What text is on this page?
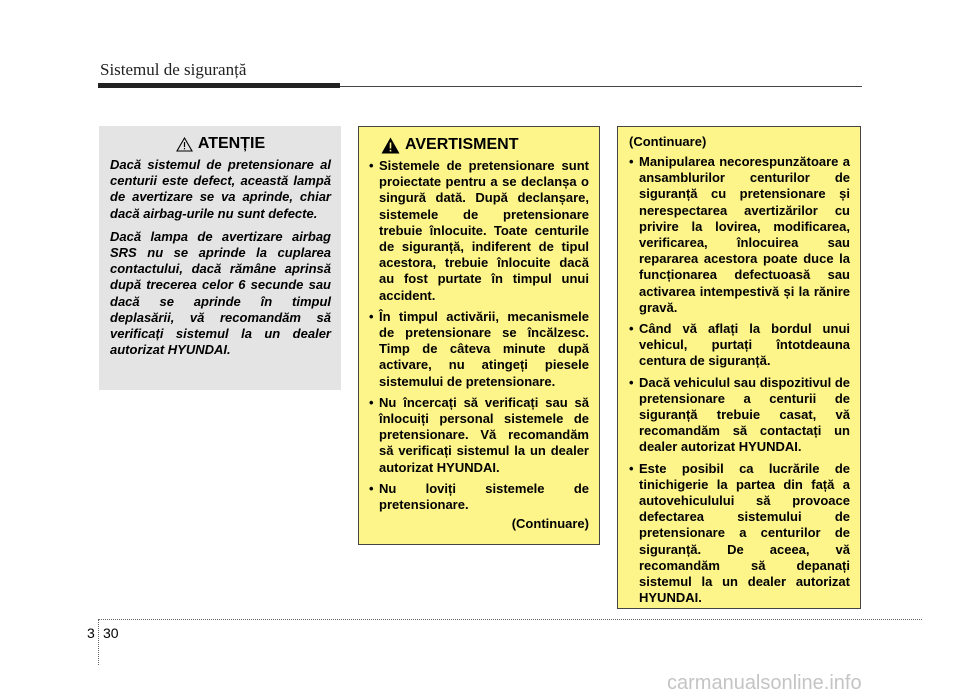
Sistemul de siguranță
ATENȚIE

Dacă sistemul de pretensionare al centurii este defect, această lampă de avertizare se va aprinde, chiar dacă airbag-urile nu sunt defecte.

Dacă lampa de avertizare airbag SRS nu se aprinde la cuplarea contactului, dacă rămâne aprinsă după trecerea celor 6 secunde sau dacă se aprinde în timpul deplasării, vă recomandăm să verificați sistemul la un dealer autorizat HYUNDAI.

AVERTISMENT
• Sistemele de pretensionare sunt proiectate pentru a se declanșa o singură dată. După declanșare, sistemele de pretensionare trebuie înlocuite. Toate centurile de siguranță, indiferent de tipul acestora, trebuie înlocuite dacă au fost purtate în timpul unui accident.
• În timpul activării, mecanismele de pretensionare se încălzesc. Timp de câteva minute după activare, nu atingeți piesele sistemului de pretensionare.
• Nu încercați să verificați sau să înlocuiți personal sistemele de pretensionare. Vă recomandăm să verificați sistemul la un dealer autorizat HYUNDAI.
• Nu loviți sistemele de pretensionare.
(Continuare)
(Continuare)
• Manipularea necorespunzătoare a ansamblurilor centurilor de siguranță cu pretensionare și nerespectarea avertizărilor cu privire la lovirea, modificarea, verificarea, înlocuirea sau repararea acestora poate duce la funcționarea defectuoasă sau activarea intempestivă și la rănire gravă.
• Când vă aflați la bordul unui vehicul, purtați întotdeauna centura de siguranță.
• Dacă vehiculul sau dispozitivul de pretensionare a centurii de siguranță trebuie casat, vă recomandăm să contactați un dealer autorizat HYUNDAI.
• Este posibil ca lucrările de tinichigerie la partea din față a autovehiculului să provoace defectarea sistemului de pretensionare a centurilor de siguranță. De aceea, vă recomandăm să depanați sistemul la un dealer autorizat HYUNDAI.
3 30
carmanualsonline.info
